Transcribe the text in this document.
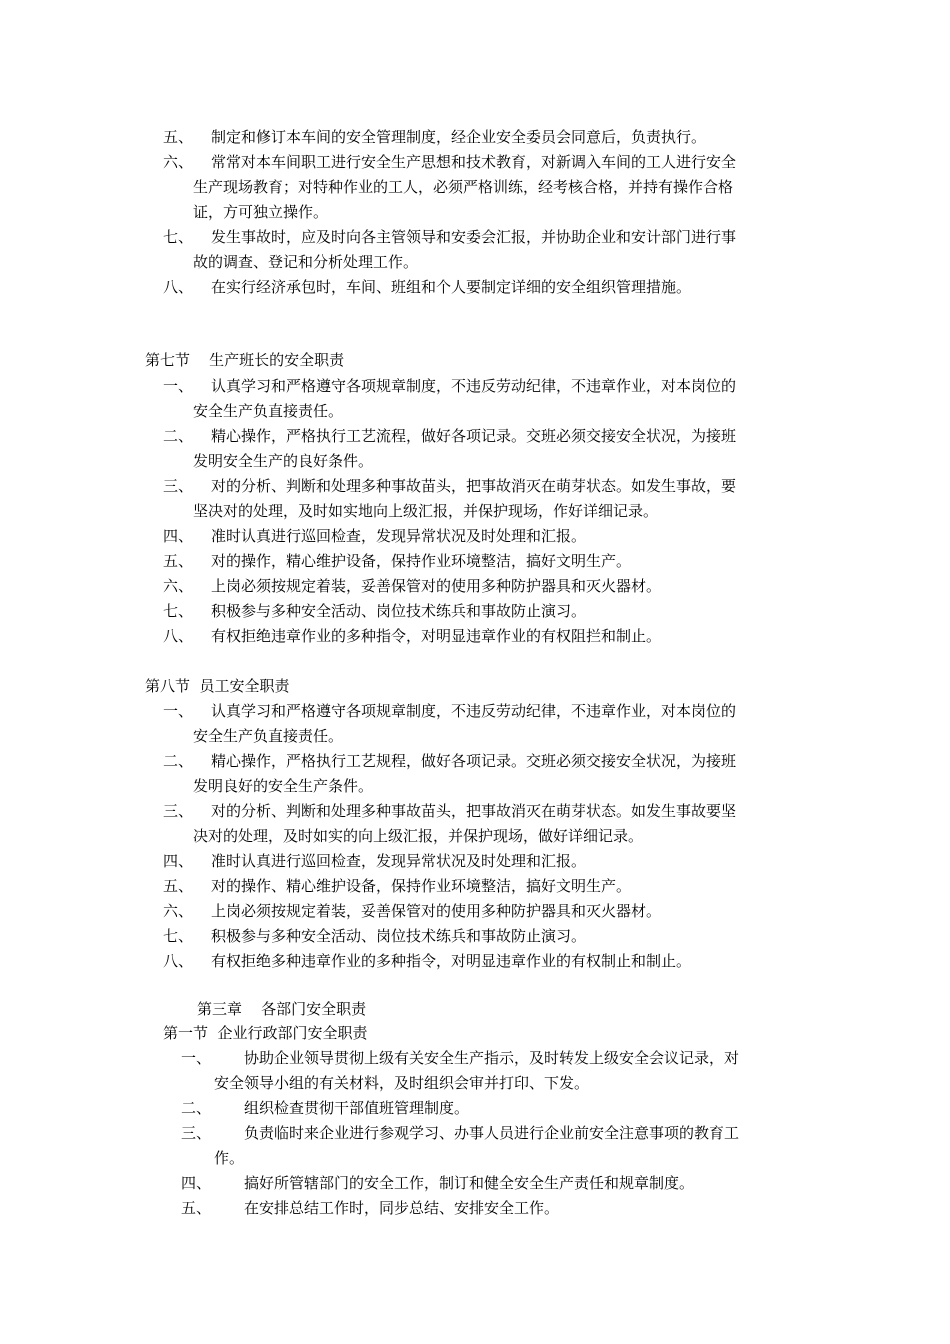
五、 制定和修订本车间的安全管理制度，经企业安全委员会同意后，负责执行。
六、 常常对本车间职工进行安全生产思想和技术教育，对新调入车间的工人进行安全
生产现场教育；对特种作业的工人，必须严格训练，经考核合格，并持有操作合格
证，方可独立操作。
七、 发生事故时，应及时向各主管领导和安委会汇报，并协助企业和安计部门进行事
故的调查、登记和分析处理工作。
八、 在实行经济承包时，车间、班组和个人要制定详细的安全组织管理措施。
第七节    生产班长的安全职责
一、 认真学习和严格遵守各项规章制度，不违反劳动纪律，不违章作业，对本岗位的
安全生产负直接责任。
二、 精心操作，严格执行工艺流程，做好各项记录。交班必须交接安全状况，为接班
发明安全生产的良好条件。
三、 对的分析、判断和处理多种事故苗头，把事故消灭在萌芽状态。如发生事故，要
坚决对的处理，及时如实地向上级汇报，并保护现场，作好详细记录。
四、 准时认真进行巡回检查，发现异常状况及时处理和汇报。
五、 对的操作，精心维护设备，保持作业环境整洁，搞好文明生产。
六、 上岗必须按规定着装，妥善保管对的使用多种防护器具和灭火器材。
七、 积极参与多种安全活动、岗位技术练兵和事故防止演习。
八、 有权拒绝违章作业的多种指令，对明显违章作业的有权阻拦和制止。
第八节  员工安全职责
一、 认真学习和严格遵守各项规章制度，不违反劳动纪律，不违章作业，对本岗位的
安全生产负直接责任。
二、 精心操作，严格执行工艺规程，做好各项记录。交班必须交接安全状况，为接班
发明良好的安全生产条件。
三、 对的分析、判断和处理多种事故苗头，把事故消灭在萌芽状态。如发生事故要坚
决对的处理，及时如实的向上级汇报，并保护现场，做好详细记录。
四、 准时认真进行巡回检查，发现异常状况及时处理和汇报。
五、 对的操作、精心维护设备，保持作业环境整洁，搞好文明生产。
六、 上岗必须按规定着装，妥善保管对的使用多种防护器具和灭火器材。
七、 积极参与多种安全活动、岗位技术练兵和事故防止演习。
八、 有权拒绝多种违章作业的多种指令，对明显违章作业的有权制止和制止。
第三章    各部门安全职责
第一节  企业行政部门安全职责
一、 协助企业领导贯彻上级有关安全生产指示，及时转发上级安全会议记录，对
安全领导小组的有关材料，及时组织会审并打印、下发。
二、 组织检查贯彻干部值班管理制度。
三、 负责临时来企业进行参观学习、办事人员进行企业前安全注意事项的教育工
作。
四、 搞好所管辖部门的安全工作，制订和健全安全生产责任和规章制度。
五、 在安排总结工作时，同步总结、安排安全工作。
